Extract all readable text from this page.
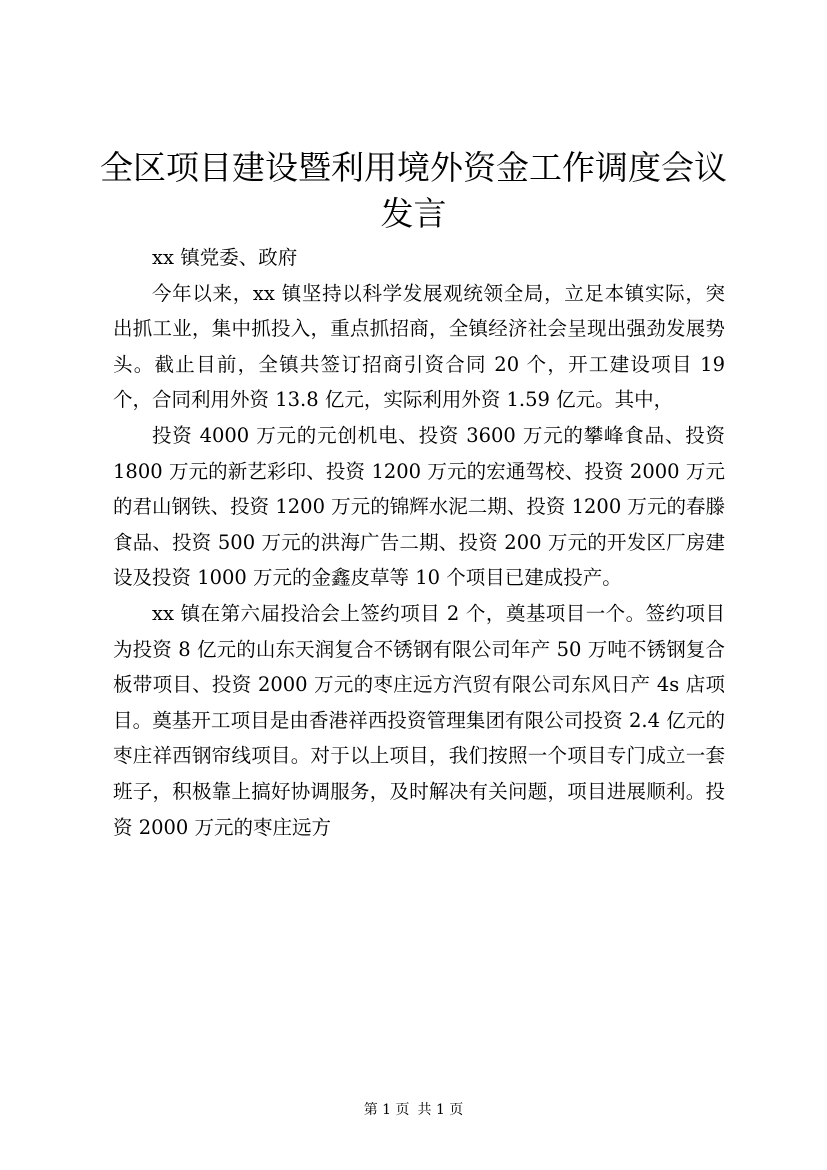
全区项目建设暨利用境外资金工作调度会议发言

xx 镇党委、政府

今年以来，xx 镇坚持以科学发展观统领全局，立足本镇实际，突出抓工业，集中抓投入，重点抓招商，全镇经济社会呈现出强劲发展势头。截止目前，全镇共签订招商引资合同 20 个，开工建设项目 19 个，合同利用外资 13.8 亿元，实际利用外资 1.59 亿元。其中，

投资 4000 万元的元创机电、投资 3600 万元的攀峰食品、投资 1800 万元的新艺彩印、投资 1200 万元的宏通驾校、投资 2000 万元的君山钢铁、投资 1200 万元的锦辉水泥二期、投资 1200 万元的春滕食品、投资 500 万元的洪海广告二期、投资 200 万元的开发区厂房建设及投资 1000 万元的金鑫皮草等 10 个项目已建成投产。

xx 镇在第六届投洽会上签约项目 2 个，奠基项目一个。签约项目为投资 8 亿元的山东天润复合不锈钢有限公司年产 50 万吨不锈钢复合板带项目、投资 2000 万元的枣庄远方汽贸有限公司东风日产 4s 店项目。奠基开工项目是由香港祥西投资管理集团有限公司投资 2.4 亿元的枣庄祥西钢帘线项目。对于以上项目，我们按照一个项目专门成立一套班子，积极靠上搞好协调服务，及时解决有关问题，项目进展顺利。投资 2000 万元的枣庄远方

第 1 页 共 1 页
